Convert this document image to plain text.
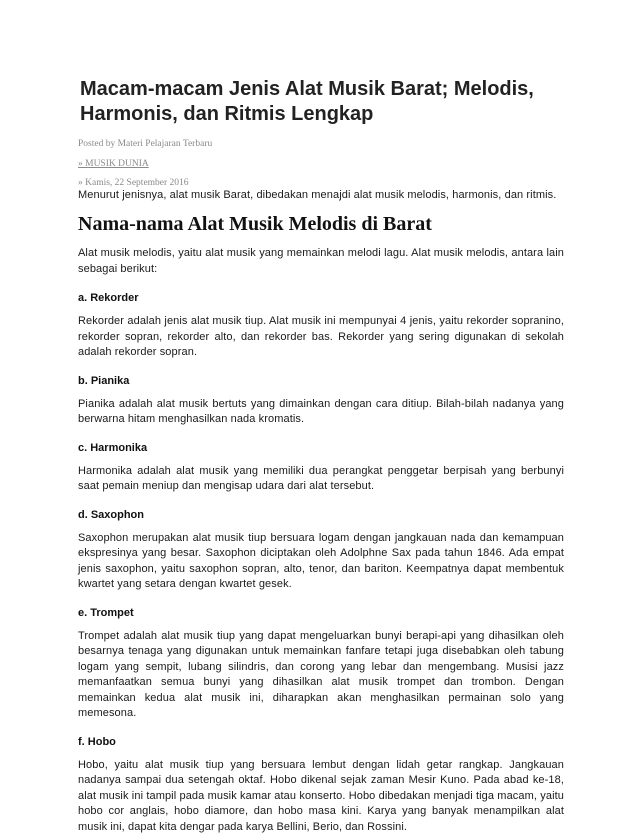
Macam-macam Jenis Alat Musik Barat; Melodis, Harmonis, dan Ritmis Lengkap

Posted by Materi Pelajaran Terbaru

» MUSIK DUNIA

» Kamis, 22 September 2016

Menurut jenisnya, alat musik Barat, dibedakan menajdi alat musik melodis, harmonis, dan ritmis.

Nama-nama Alat Musik Melodis di Barat

Alat musik melodis, yaitu alat musik yang memainkan melodi lagu. Alat musik melodis, antara lain sebagai berikut:

a. Rekorder

Rekorder adalah jenis alat musik tiup. Alat musik ini mempunyai 4 jenis, yaitu rekorder sopranino, rekorder sopran, rekorder alto, dan rekorder bas. Rekorder yang sering digunakan di sekolah adalah rekorder sopran.

b. Pianika

Pianika adalah alat musik bertuts yang dimainkan dengan cara ditiup. Bilah-bilah nadanya yang berwarna hitam menghasilkan nada kromatis.

c. Harmonika

Harmonika adalah alat musik yang memiliki dua perangkat penggetar berpisah yang berbunyi saat pemain meniup dan mengisap udara dari alat tersebut.

d. Saxophon

Saxophon merupakan alat musik tiup bersuara logam dengan jangkauan nada dan kemampuan ekspresinya yang besar. Saxophon diciptakan oleh Adolphne Sax pada tahun 1846. Ada empat jenis saxophon, yaitu saxophon sopran, alto, tenor, dan bariton. Keempatnya dapat membentuk kwartet yang setara dengan kwartet gesek.

e. Trompet

Trompet adalah alat musik tiup yang dapat mengeluarkan bunyi berapi-api yang dihasilkan oleh besarnya tenaga yang digunakan untuk memainkan fanfare tetapi juga disebabkan oleh tabung logam yang sempit, lubang silindris, dan corong yang lebar dan mengembang. Musisi jazz memanfaatkan semua bunyi yang dihasilkan alat musik trompet dan trombon. Dengan memainkan kedua alat musik ini, diharapkan akan menghasilkan permainan solo yang memesona.

f. Hobo

Hobo, yaitu alat musik tiup yang bersuara lembut dengan lidah getar rangkap. Jangkauan nadanya sampai dua setengah oktaf. Hobo dikenal sejak zaman Mesir Kuno. Pada abad ke-18, alat musik ini tampil pada musik kamar atau konserto. Hobo dibedakan menjadi tiga macam, yaitu hobo cor anglais, hobo diamore, dan hobo masa kini. Karya yang banyak menampilkan alat musik ini, dapat kita dengar pada karya Bellini, Berio, dan Rossini.
